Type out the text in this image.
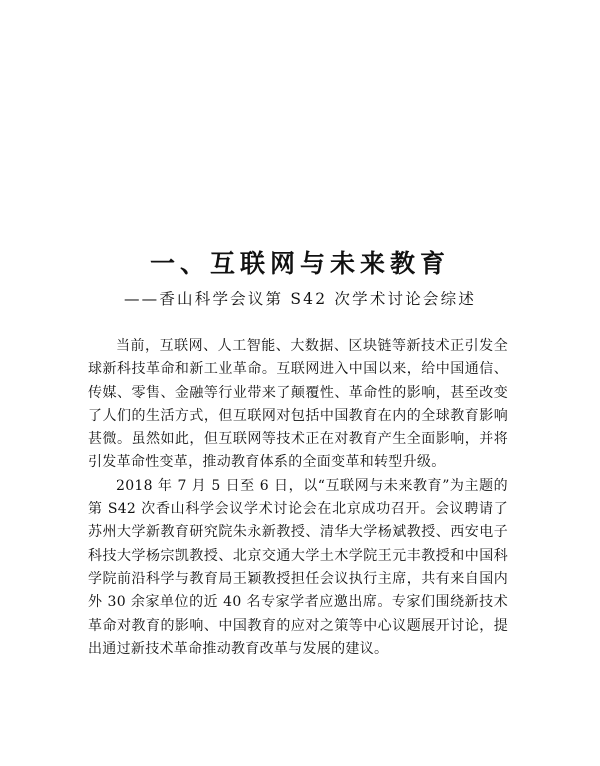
一、互联网与未来教育
——香山科学会议第 S42 次学术讨论会综述

当前，互联网、人工智能、大数据、区块链等新技术正引发全球新科技革命和新工业革命。互联网进入中国以来，给中国通信、传媒、零售、金融等行业带来了颠覆性、革命性的影响，甚至改变了人们的生活方式，但互联网对包括中国教育在内的全球教育影响甚微。虽然如此，但互联网等技术正在对教育产生全面影响，并将引发革命性变革，推动教育体系的全面变革和转型升级。

2018 年 7 月 5 日至 6 日，以“互联网与未来教育”为主题的第 S42 次香山科学会议学术讨论会在北京成功召开。会议聘请了苏州大学新教育研究院朱永新教授、清华大学杨斌教授、西安电子科技大学杨宗凯教授、北京交通大学土木学院王元丰教授和中国科学院前沿科学与教育局王颖教授担任会议执行主席，共有来自国内外 30 余家单位的近 40 名专家学者应邀出席。专家们围绕新技术革命对教育的影响、中国教育的应对之策等中心议题展开讨论，提出通过新技术革命推动教育改革与发展的建议。
